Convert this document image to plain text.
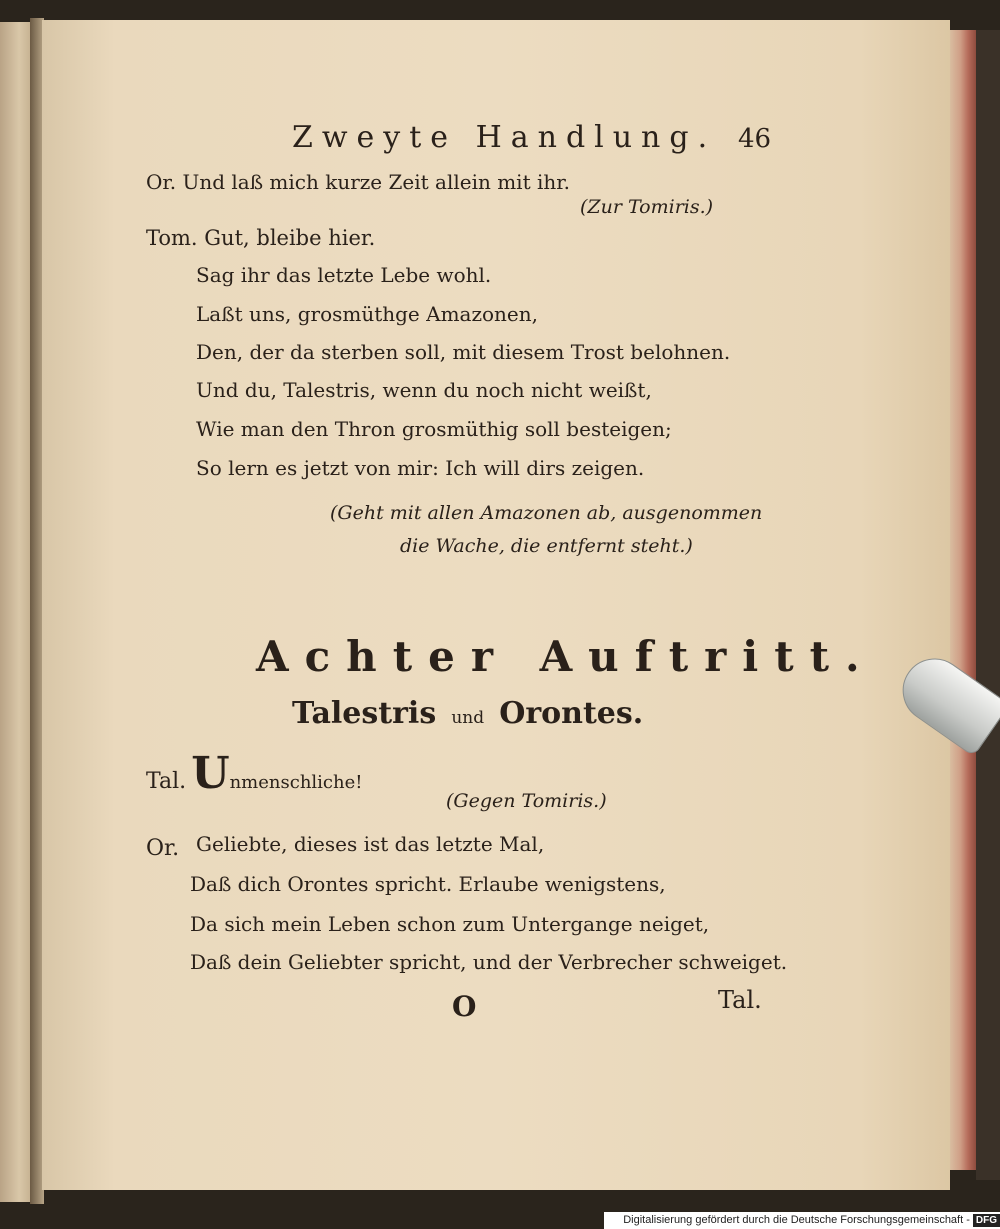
Zweyte Handlung. 46
Or. Und laß mich kurze Zeit allein mit ihr.
(Zur Tomiris.)
Tom. Gut, bleibe hier.
Sag ihr das letzte Lebe wohl.
Laßt uns, grosmüthge Amazonen,
Den, der da sterben soll, mit diesem Trost belohnen.
Und du, Talestris, wenn du noch nicht weißt,
Wie man den Thron grosmüthig soll besteigen;
So lern es jetzt von mir: Ich will dirs zeigen.
(Geht mit allen Amazonen ab, ausgenommen
die Wache, die entfernt steht.)
Achter Auftritt.
Talestris und Orontes.
Tal. Unmenschliche!
(Gegen Tomiris.)
Or. Geliebte, dieses ist das letzte Mal,
Daß dich Orontes spricht. Erlaube wenigstens,
Da sich mein Leben schon zum Untergange neiget,
Daß dein Geliebter spricht, und der Verbrecher schweiget.
O	Tal.
Digitalisierung gefördert durch die Deutsche Forschungsgemeinschaft - DFG
